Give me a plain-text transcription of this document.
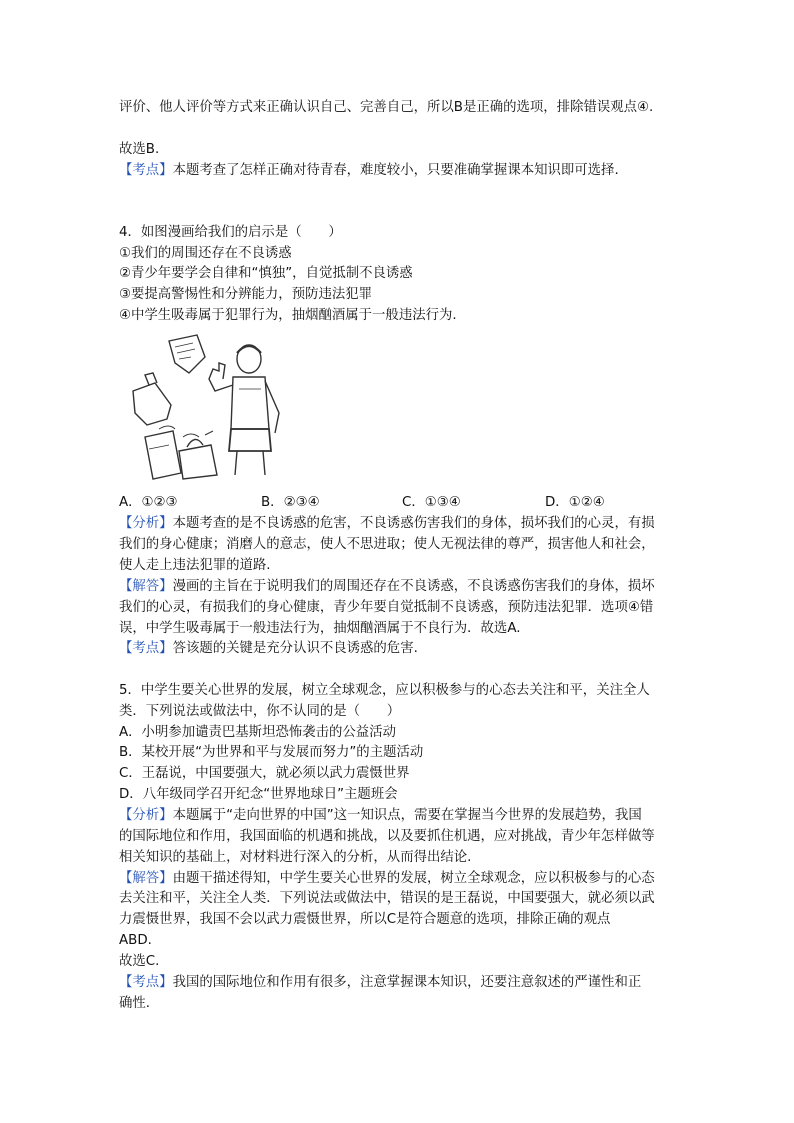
评价、他人评价等方式来正确认识自己、完善自己，所以B是正确的选项，排除错误观点④.
故选B.
【考点】本题考查了怎样正确对待青春，难度较小，只要准确掌握课本知识即可选择.
4．如图漫画给我们的启示是（　　）
①我们的周围还存在不良诱惑
②青少年要学会自律和“慎独”，自觉抵制不良诱惑
③要提高警惕性和分辨能力，预防违法犯罪
④中学生吸毒属于犯罪行为，抽烟酗酒属于一般违法行为.
A．①②③	B．②③④	C．①③④	D．①②④
【分析】本题考查的是不良诱惑的危害，不良诱惑伤害我们的身体，损坏我们的心灵，有损
我们的身心健康；消磨人的意志，使人不思进取；使人无视法律的尊严，损害他人和社会，
使人走上违法犯罪的道路.
【解答】漫画的主旨在于说明我们的周围还存在不良诱惑，不良诱惑伤害我们的身体，损坏
我们的心灵，有损我们的身心健康，青少年要自觉抵制不良诱惑，预防违法犯罪．选项④错
误，中学生吸毒属于一般违法行为，抽烟酗酒属于不良行为．故选A.
【考点】答该题的关键是充分认识不良诱惑的危害.
5．中学生要关心世界的发展，树立全球观念，应以积极参与的心态去关注和平，关注全人
类．下列说法或做法中，你不认同的是（　　）
A．小明参加谴责巴基斯坦恐怖袭击的公益活动
B．某校开展“为世界和平与发展而努力”的主题活动
C．王磊说，中国要强大，就必须以武力震慑世界
D．八年级同学召开纪念“世界地球日”主题班会
【分析】本题属于“走向世界的中国”这一知识点，需要在掌握当今世界的发展趋势，我国
的国际地位和作用，我国面临的机遇和挑战，以及要抓住机遇，应对挑战，青少年怎样做等
相关知识的基础上，对材料进行深入的分析，从而得出结论.
【解答】由题干描述得知，中学生要关心世界的发展，树立全球观念，应以积极参与的心态
去关注和平，关注全人类．下列说法或做法中，错误的是王磊说，中国要强大，就必须以武
力震慑世界，我国不会以武力震慑世界，所以C是符合题意的选项，排除正确的观点
ABD.
故选C.
【考点】我国的国际地位和作用有很多，注意掌握课本知识，还要注意叙述的严谨性和正
确性.
